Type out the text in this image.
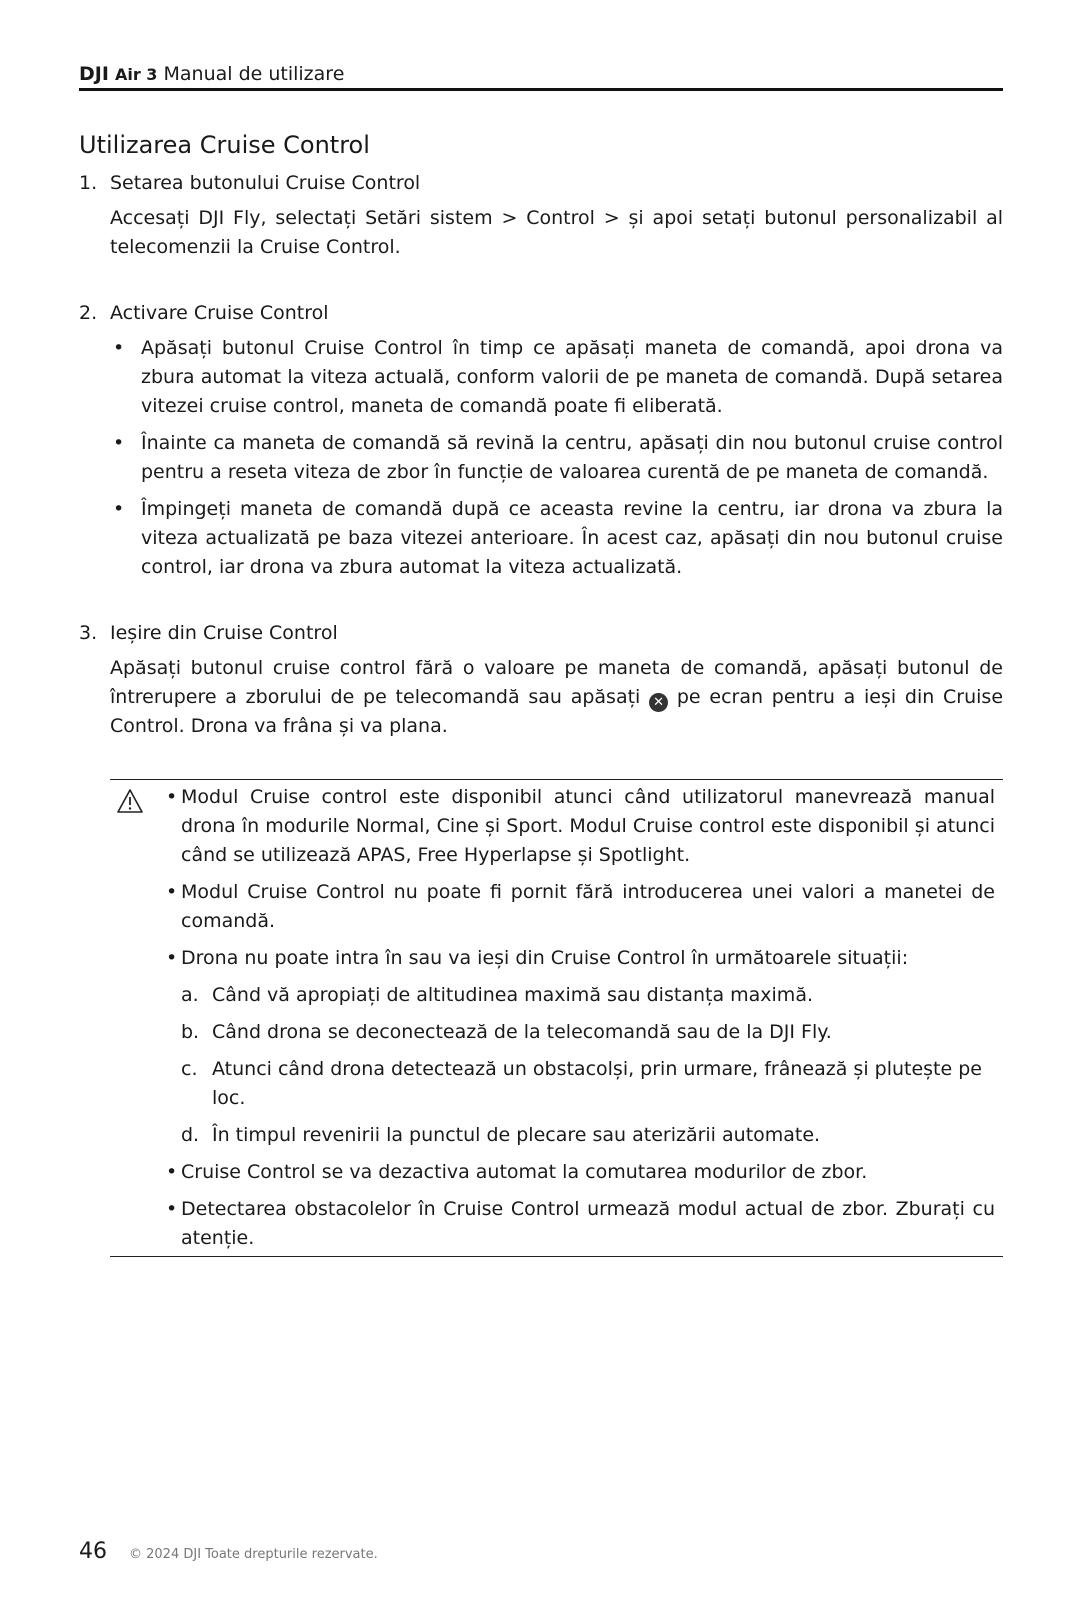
DJI Air 3 Manual de utilizare
Utilizarea Cruise Control
1. Setarea butonului Cruise Control

Accesați DJI Fly, selectați Setări sistem > Control > și apoi setați butonul personalizabil al telecomenzii la Cruise Control.

2. Activare Cruise Control
• Apăsați butonul Cruise Control în timp ce apăsați maneta de comandă, apoi drona va zbura automat la viteza actuală, conform valorii de pe maneta de comandă. După setarea vitezei cruise control, maneta de comandă poate fi eliberată.
• Înainte ca maneta de comandă să revină la centru, apăsați din nou butonul cruise control pentru a reseta viteza de zbor în funcție de valoarea curentă de pe maneta de comandă.
• Împingeți maneta de comandă după ce aceasta revine la centru, iar drona va zbura la viteza actualizată pe baza vitezei anterioare. În acest caz, apăsați din nou butonul cruise control, iar drona va zbura automat la viteza actualizată.
3. Ieșire din Cruise Control

Apăsați butonul cruise control fără o valoare pe maneta de comandă, apăsați butonul de întrerupere a zborului de pe telecomandă sau apăsați ✕ pe ecran pentru a ieși din Cruise Control. Drona va frâna și va plana.

• Modul Cruise control este disponibil atunci când utilizatorul manevrează manual drona în modurile Normal, Cine și Sport. Modul Cruise control este disponibil și atunci când se utilizează APAS, Free Hyperlapse și Spotlight.
• Modul Cruise Control nu poate fi pornit fără introducerea unei valori a manetei de comandă.
• Drona nu poate intra în sau va ieși din Cruise Control în următoarele situații:
a. Când vă apropiați de altitudinea maximă sau distanța maximă.
b. Când drona se deconectează de la telecomandă sau de la DJI Fly.
c. Atunci când drona detectează un obstacolși, prin urmare, frânează și plutește pe loc.
d. În timpul revenirii la punctul de plecare sau aterizării automate.
• Cruise Control se va dezactiva automat la comutarea modurilor de zbor.
• Detectarea obstacolelor în Cruise Control urmează modul actual de zbor. Zburați cu atenție.
46 © 2024 DJI Toate drepturile rezervate.
